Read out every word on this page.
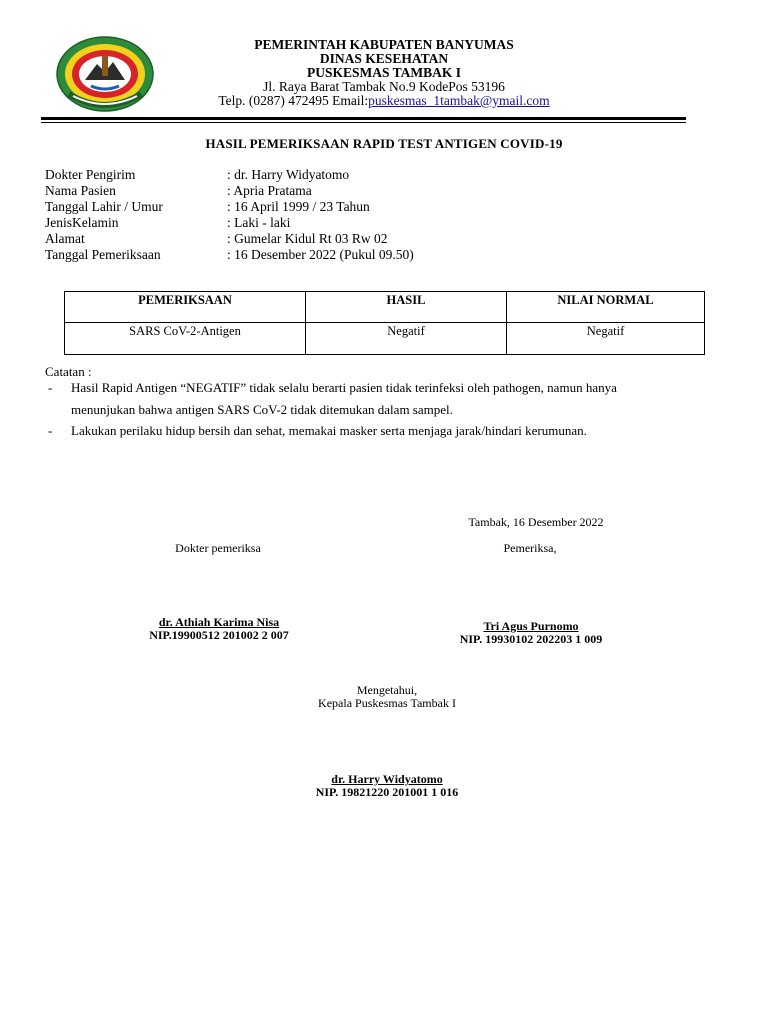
PEMERINTAH KABUPATEN BANYUMAS
DINAS KESEHATAN
PUSKESMAS TAMBAK I
Jl. Raya Barat Tambak No.9 KodePos 53196
Telp. (0287) 472495 Email:puskesmas_1tambak@ymail.com
HASIL PEMERIKSAAN RAPID TEST ANTIGEN COVID-19
Dokter Pengirim	: dr. Harry Widyatomo
Nama Pasien	: Apria Pratama
Tanggal Lahir / Umur	: 16 April 1999 / 23 Tahun
JenisKelamin	: Laki - laki
Alamat	: Gumelar Kidul Rt 03 Rw 02
Tanggal Pemeriksaan	: 16 Desember 2022 (Pukul 09.50)
PEMERIKSAAN	HASIL	NILAI NORMAL
SARS CoV-2-Antigen	Negatif	Negatif
Catatan :
- Hasil Rapid Antigen “NEGATIF” tidak selalu berarti pasien tidak terinfeksi oleh pathogen, namun hanya
menunjukan bahwa antigen SARS CoV-2 tidak ditemukan dalam sampel.
- Lakukan perilaku hidup bersih dan sehat, memakai masker serta menjaga jarak/hindari kerumunan.
Tambak, 16 Desember 2022
Dokter pemeriksa	Pemeriksa,
dr. Athiah Karima Nisa
NIP.19900512 201002 2 007
Tri Agus Purnomo
NIP. 19930102 202203 1 009
Mengetahui,
Kepala Puskesmas Tambak I
dr. Harry Widyatomo
NIP. 19821220 201001 1 016
